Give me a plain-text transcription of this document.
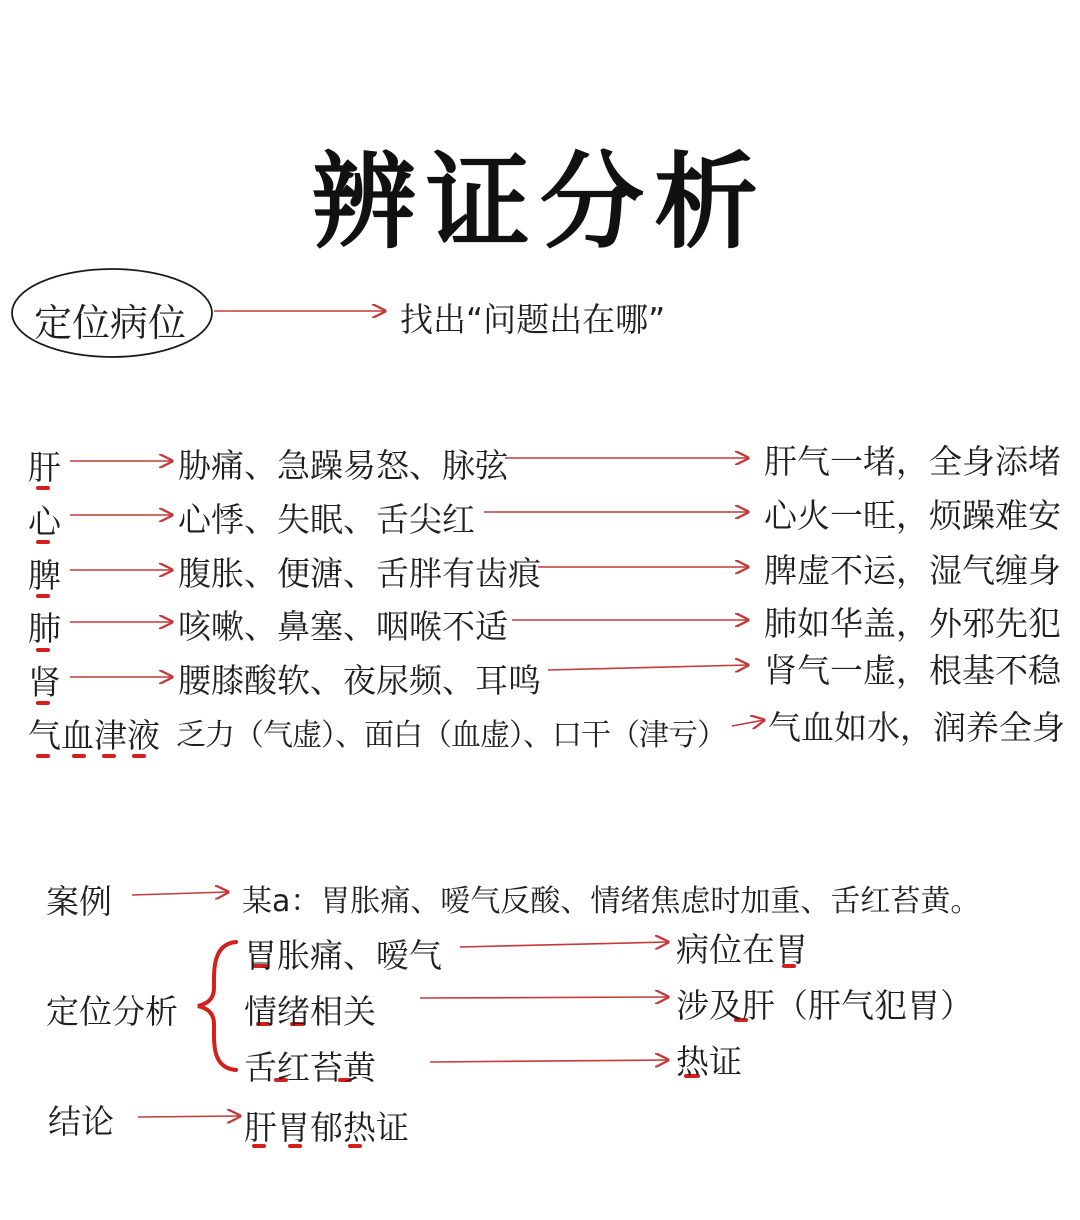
辨证分析
定位病位	找出“问题出在哪”
肝	胁痛、急躁易怒、脉弦	肝气一堵，全身添堵
心	心悸、失眠、舌尖红	心火一旺，烦躁难安
脾	腹胀、便溏、舌胖有齿痕	脾虚不运，湿气缠身
肺	咳嗽、鼻塞、咽喉不适	肺如华盖，外邪先犯
肾	腰膝酸软、夜尿频、耳鸣	肾气一虚，根基不稳
气血津液 乏力（气虚）、面白（血虚）、口干（津亏） 气血如水，润养全身
案例	某a：胃胀痛、嗳气反酸、情绪焦虑时加重、舌红苔黄。
定位分析
胃胀痛、嗳气	病位在胃
情绪相关	涉及肝（肝气犯胃）
舌红苔黄	热证
结论	肝胃郁热证
